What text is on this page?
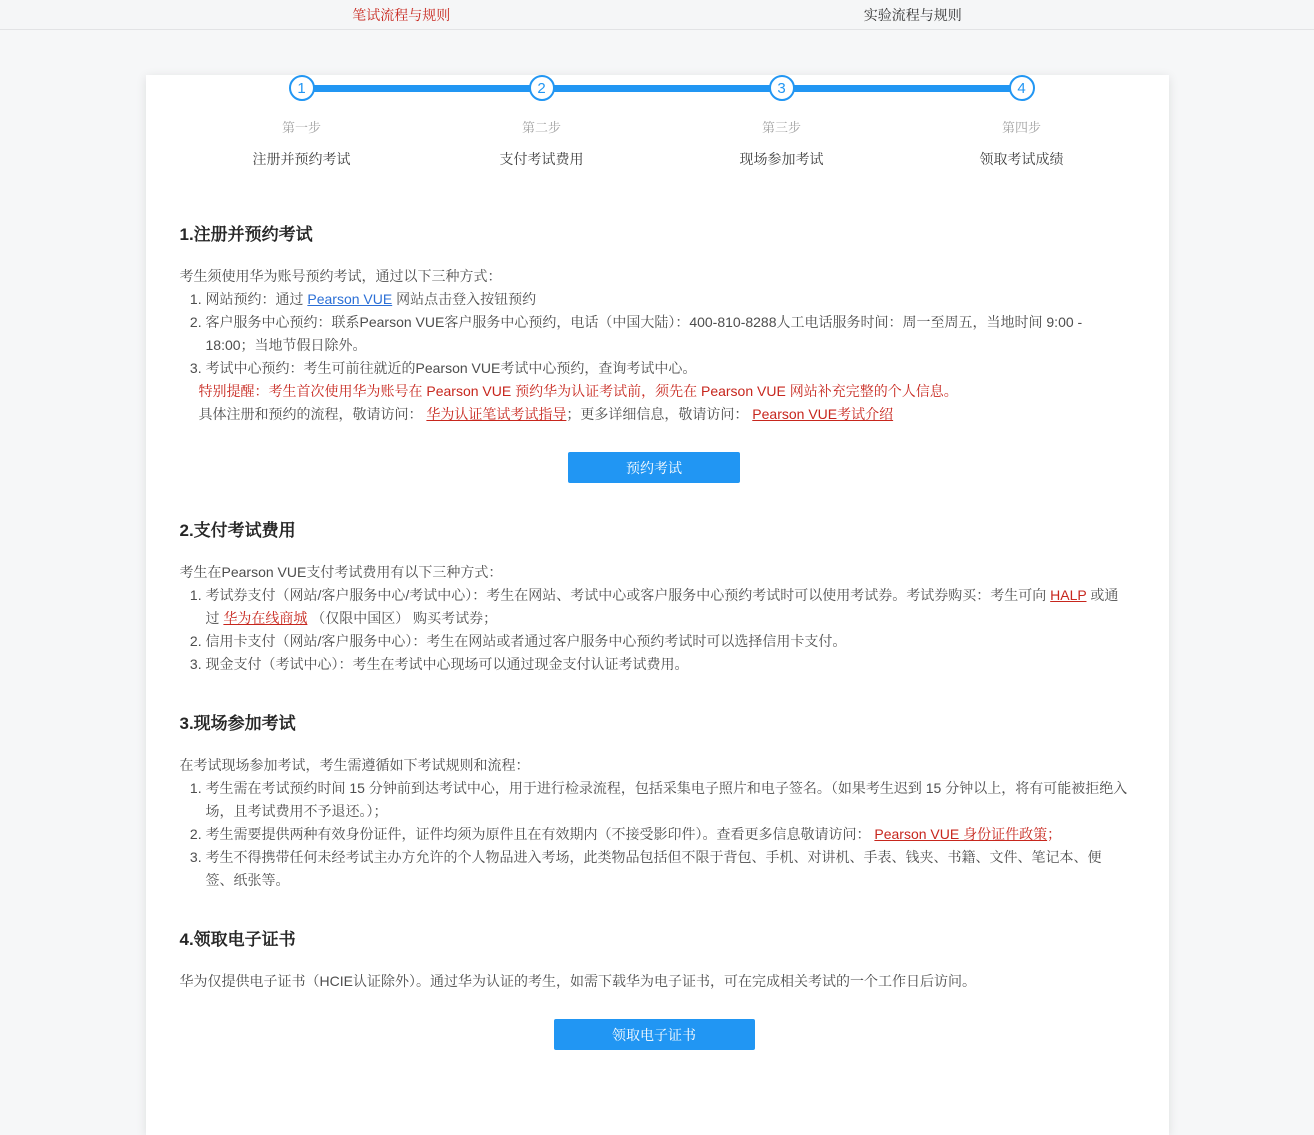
笔试流程与规则	实验流程与规则
1
第一步
注册并预约考试
2
第二步
支付考试费用
3
第三步
现场参加考试
4
第四步
领取考试成绩
1.注册并预约考试

考生须使用华为账号预约考试，通过以下三种方式：

1. 网站预约：通过 Pearson VUE 网站点击登入按钮预约
2. 客户服务中心预约：联系Pearson VUE客户服务中心预约，电话（中国大陆）：400-810-8288人工电话服务时间：周一至周五，当地时间 9:00 - 18:00；当地节假日除外。
3. 考试中心预约：考生可前往就近的Pearson VUE考试中心预约，查询考试中心。

特别提醒：考生首次使用华为账号在 Pearson VUE 预约华为认证考试前，须先在 Pearson VUE 网站补充完整的个人信息。

具体注册和预约的流程，敬请访问： 华为认证笔试考试指导；更多详细信息，敬请访问： Pearson VUE考试介绍

预约考试
2.支付考试费用

考生在Pearson VUE支付考试费用有以下三种方式：

1. 考试券支付（网站/客户服务中心/考试中心）：考生在网站、考试中心或客户服务中心预约考试时可以使用考试券。考试券购买：考生可向 HALP 或通过 华为在线商城 （仅限中国区） 购买考试券；
2. 信用卡支付（网站/客户服务中心）：考生在网站或者通过客户服务中心预约考试时可以选择信用卡支付。
3. 现金支付（考试中心）：考生在考试中心现场可以通过现金支付认证考试费用。
3.现场参加考试

在考试现场参加考试，考生需遵循如下考试规则和流程：

1. 考生需在考试预约时间 15 分钟前到达考试中心，用于进行检录流程，包括采集电子照片和电子签名。（如果考生迟到 15 分钟以上，将有可能被拒绝入场，且考试费用不予退还。）；
2. 考生需要提供两种有效身份证件，证件均须为原件且在有效期内（不接受影印件）。查看更多信息敬请访问： Pearson VUE 身份证件政策；
3. 考生不得携带任何未经考试主办方允许的个人物品进入考场，此类物品包括但不限于背包、手机、对讲机、手表、钱夹、书籍、文件、笔记本、便签、纸张等。
4.领取电子证书

华为仅提供电子证书（HCIE认证除外）。通过华为认证的考生，如需下载华为电子证书，可在完成相关考试的一个工作日后访问。

领取电子证书
